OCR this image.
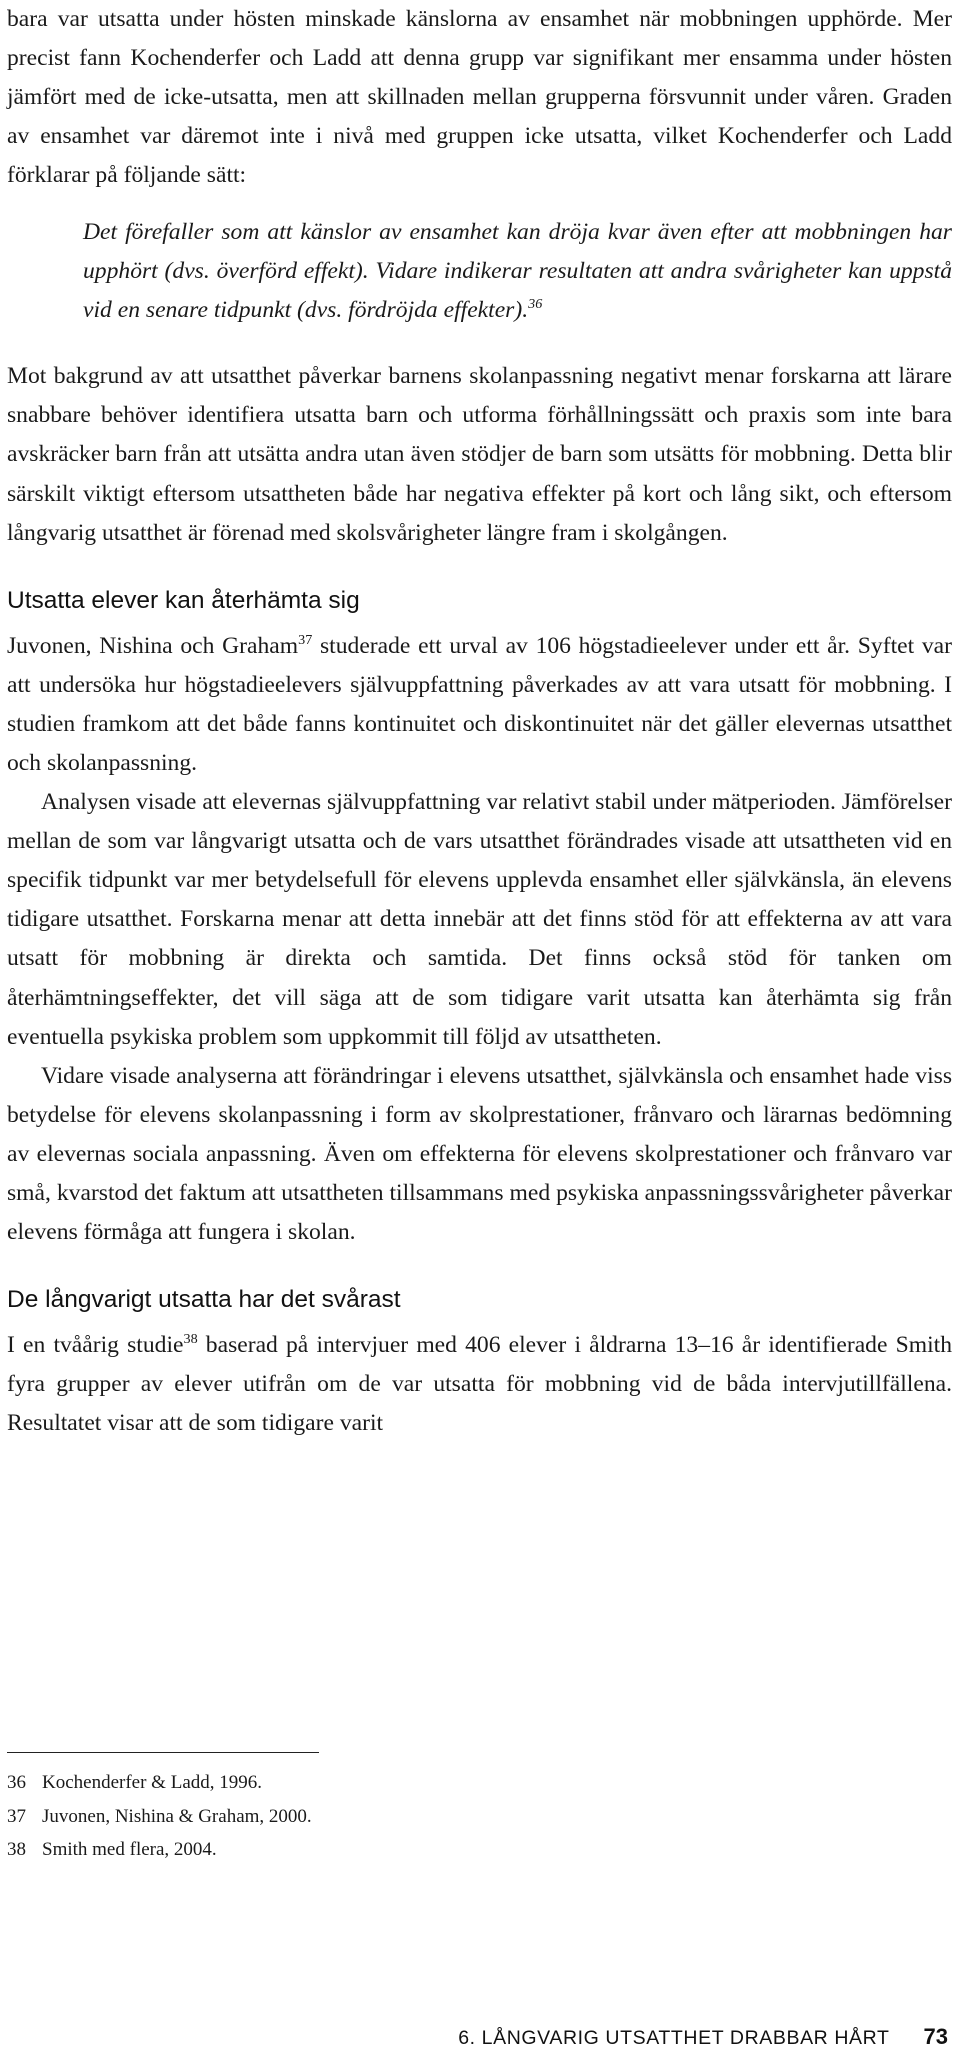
bara var utsatta under hösten minskade känslorna av ensamhet när mobbningen upphörde. Mer precist fann Kochenderfer och Ladd att denna grupp var signifikant mer ensamma under hösten jämfört med de icke-utsatta, men att skillnaden mellan grupperna försvunnit under våren. Graden av ensamhet var däremot inte i nivå med gruppen icke utsatta, vilket Kochenderfer och Ladd förklarar på följande sätt:

Det förefaller som att känslor av ensamhet kan dröja kvar även efter att mobbningen har upphört (dvs. överförd effekt). Vidare indikerar resultaten att andra svårigheter kan uppstå vid en senare tidpunkt (dvs. fördröjda effekter).$^{36}$

Mot bakgrund av att utsatthet påverkar barnens skolanpassning negativt menar forskarna att lärare snabbare behöver identifiera utsatta barn och utforma förhållningssätt och praxis som inte bara avskräcker barn från att utsätta andra utan även stödjer de barn som utsätts för mobbning. Detta blir särskilt viktigt eftersom utsattheten både har negativa effekter på kort och lång sikt, och eftersom långvarig utsatthet är förenad med skolsvårigheter längre fram i skolgången.

Utsatta elever kan återhämta sig

Juvonen, Nishina och Graham$^{37}$ studerade ett urval av 106 högstadieelever under ett år. Syftet var att undersöka hur högstadieelevers självuppfattning påverkades av att vara utsatt för mobbning. I studien framkom att det både fanns kontinuitet och diskontinuitet när det gäller elevernas utsatthet och skolanpassning.

Analysen visade att elevernas självuppfattning var relativt stabil under mätperioden. Jämförelser mellan de som var långvarigt utsatta och de vars utsatthet förändrades visade att utsattheten vid en specifik tidpunkt var mer betydelsefull för elevens upplevda ensamhet eller självkänsla, än elevens tidigare utsatthet. Forskarna menar att detta innebär att det finns stöd för att effekterna av att vara utsatt för mobbning är direkta och samtida. Det finns också stöd för tanken om återhämtningseffekter, det vill säga att de som tidigare varit utsatta kan återhämta sig från eventuella psykiska problem som uppkommit till följd av utsattheten.

Vidare visade analyserna att förändringar i elevens utsatthet, självkänsla och ensamhet hade viss betydelse för elevens skolanpassning i form av skolprestationer, frånvaro och lärarnas bedömning av elevernas sociala anpassning. Även om effekterna för elevens skolprestationer och frånvaro var små, kvarstod det faktum att utsattheten tillsammans med psykiska anpassningssvårigheter påverkar elevens förmåga att fungera i skolan.

De långvarigt utsatta har det svårast

I en tvåårig studie$^{38}$ baserad på intervjuer med 406 elever i åldrarna 13–16 år identifierade Smith fyra grupper av elever utifrån om de var utsatta för mobbning vid de båda intervjutillfällena. Resultatet visar att de som tidigare varit

36 Kochenderfer & Ladd, 1996.
37 Juvonen, Nishina & Graham, 2000.
38 Smith med flera, 2004.
6. LÅNGVARIG UTSATTHET DRABBAR HÅRT 73
